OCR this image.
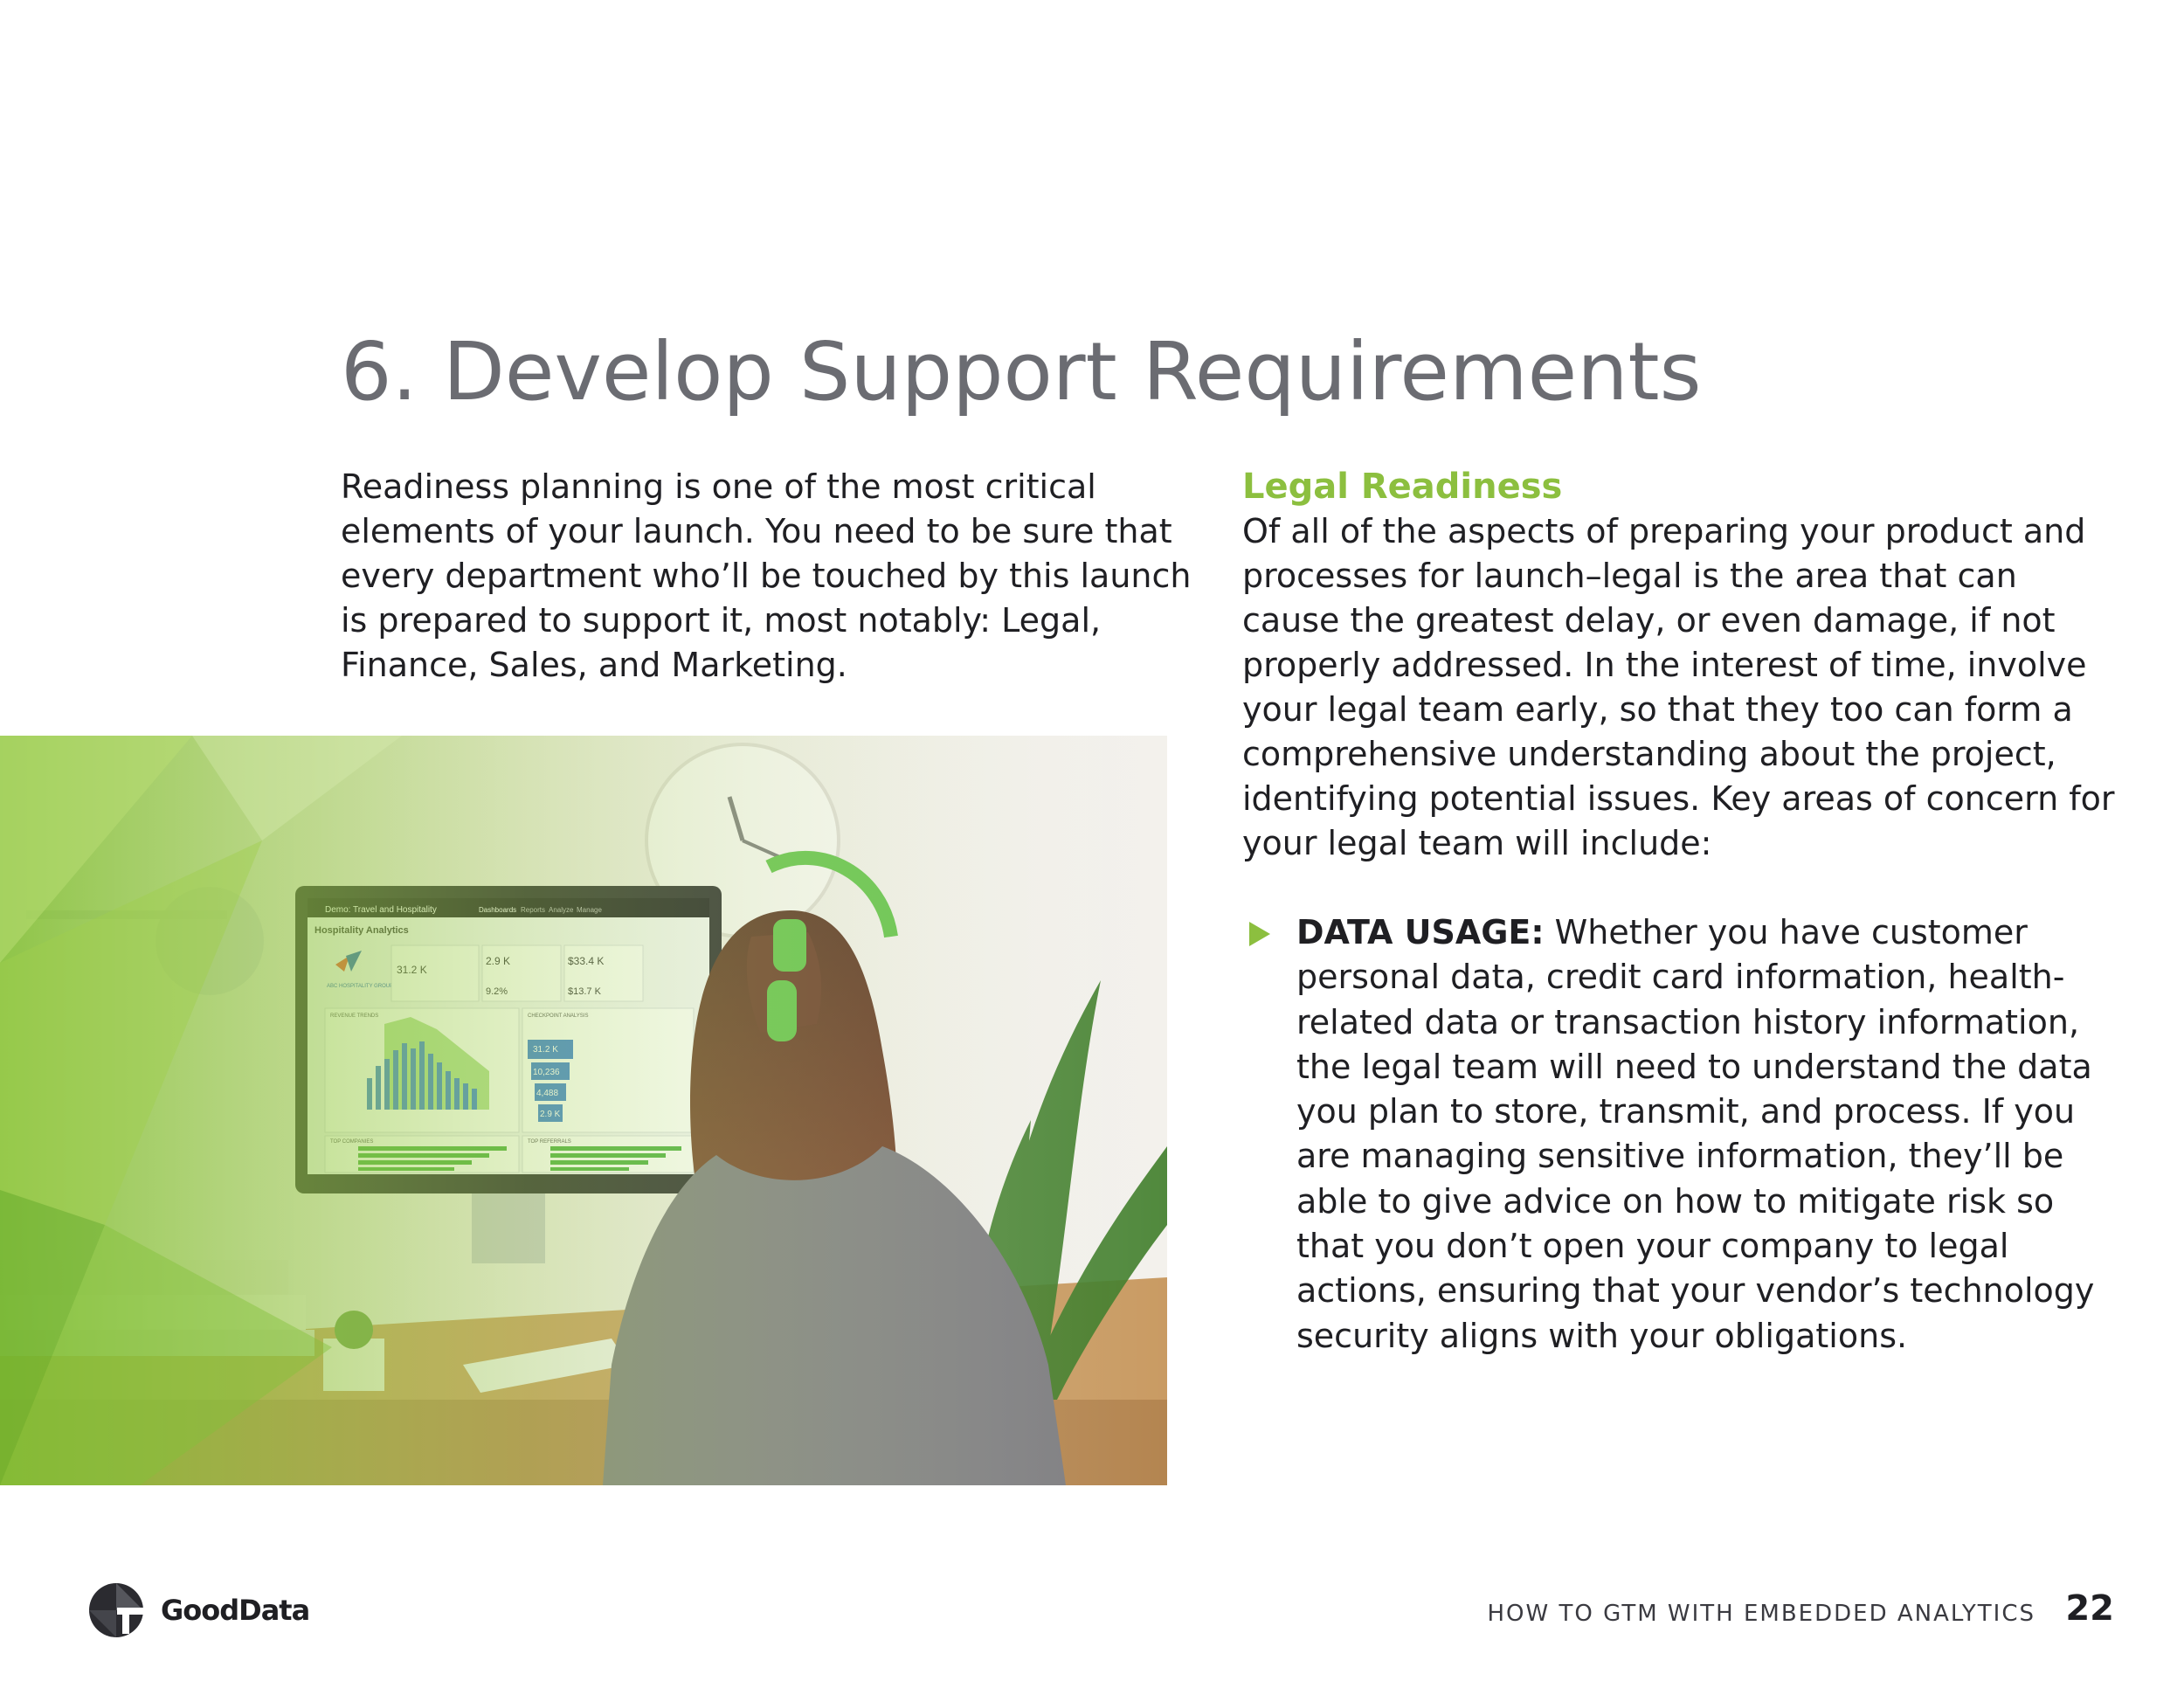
6. Develop Support Requirements

Readiness planning is one of the most critical elements of your launch. You need to be sure that every department who’ll be touched by this launch is prepared to support it, most notably: Legal, Finance, Sales, and Marketing.

Legal Readiness

Of all of the aspects of preparing your product and processes for launch–legal is the area that can cause the greatest delay, or even damage, if not properly addressed. In the interest of time, involve your legal team early, so that they too can form a comprehensive understanding about the project, identifying potential issues. Key areas of concern for your legal team will include:

DATA USAGE: Whether you have customer personal data, credit card information, health-related data or transaction history information, the legal team will need to understand the data you plan to store, transmit, and process. If you are managing sensitive information, they’ll be able to give advice on how to mitigate risk so that you don’t open your company to legal actions, ensuring that your vendor’s technology security aligns with your obligations.

GoodData	HOW TO GTM WITH EMBEDDED ANALYTICS 22
